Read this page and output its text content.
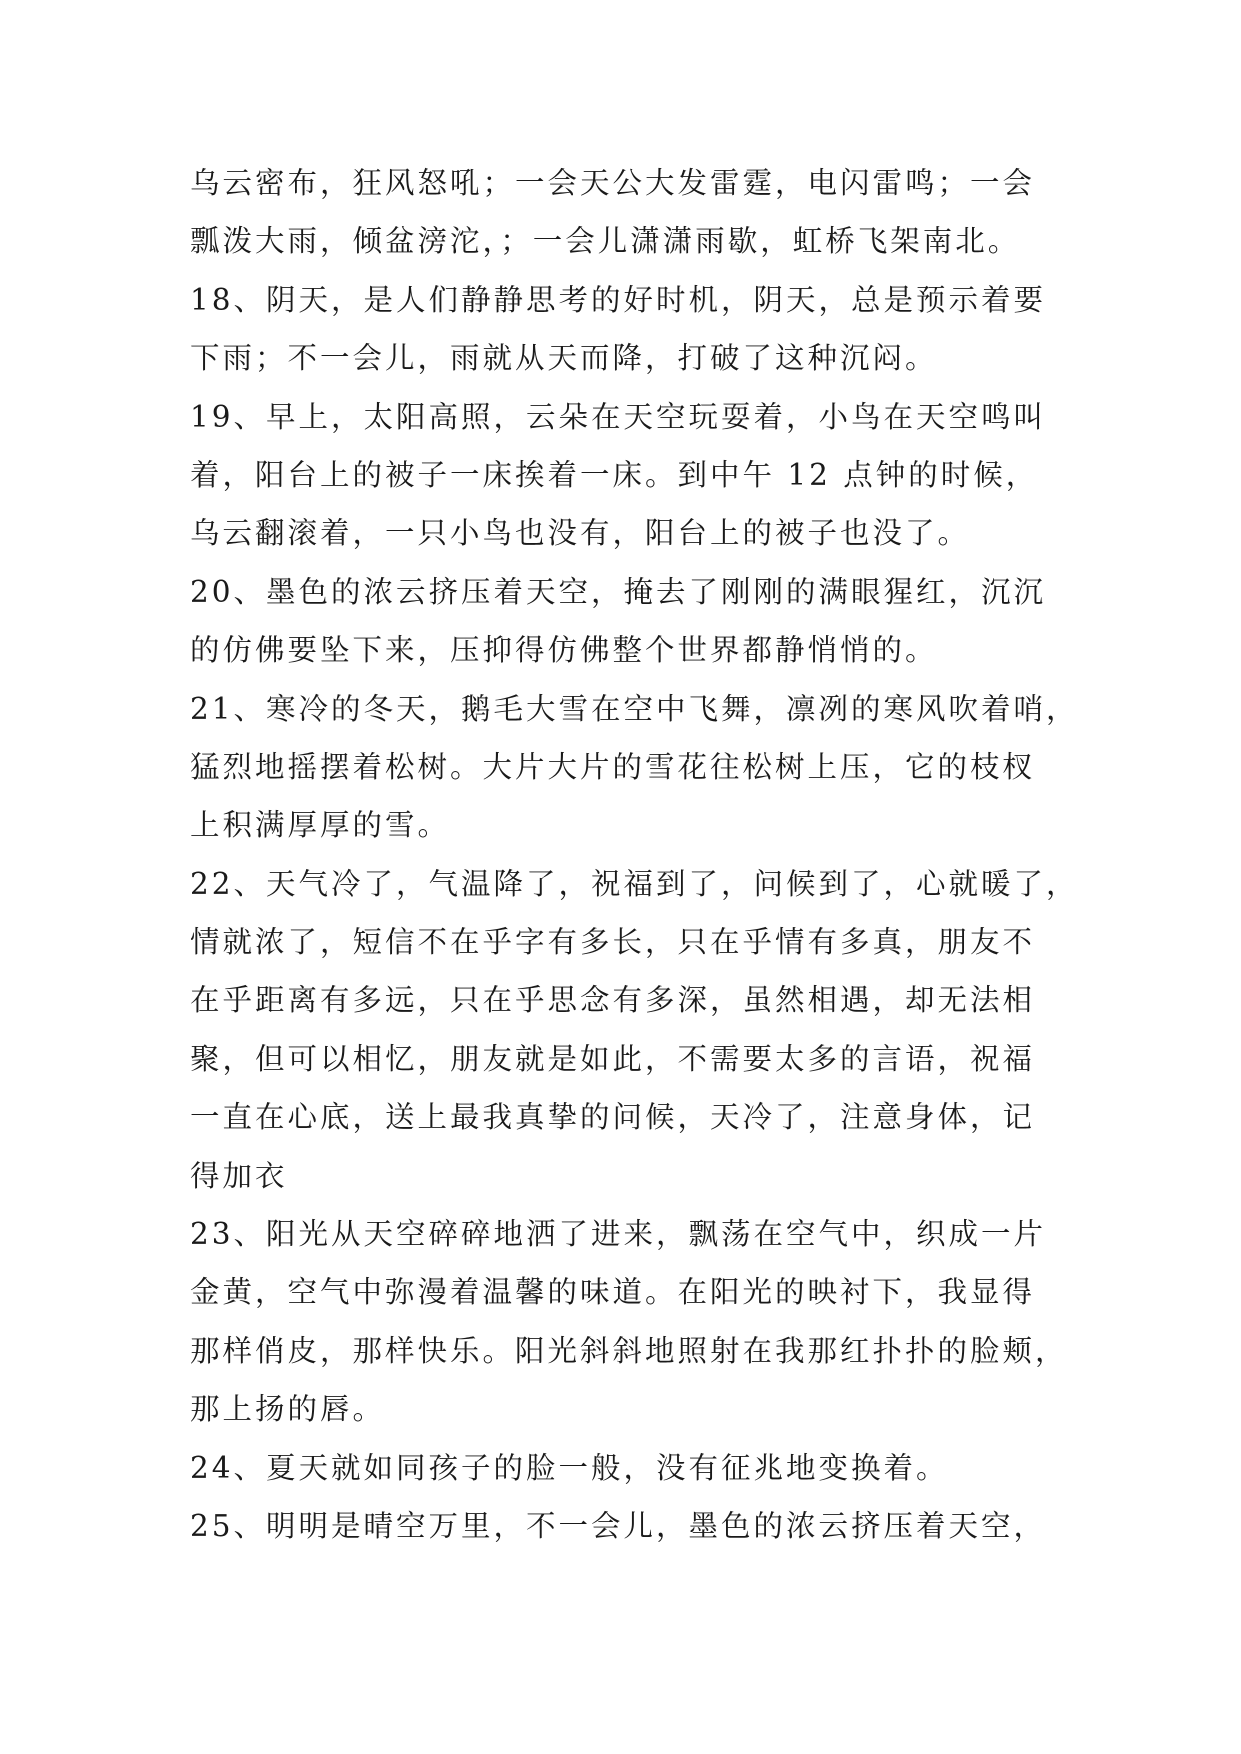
乌云密布，狂风怒吼；一会天公大发雷霆，电闪雷鸣；一会
瓢泼大雨，倾盆滂沱，；一会儿潇潇雨歇，虹桥飞架南北。
18、阴天，是人们静静思考的好时机，阴天，总是预示着要
下雨；不一会儿，雨就从天而降，打破了这种沉闷。
19、早上，太阳高照，云朵在天空玩耍着，小鸟在天空鸣叫
着，阳台上的被子一床挨着一床。到中午 12 点钟的时候，
乌云翻滚着，一只小鸟也没有，阳台上的被子也没了。
20、墨色的浓云挤压着天空，掩去了刚刚的满眼猩红，沉沉
的仿佛要坠下来，压抑得仿佛整个世界都静悄悄的。
21、寒冷的冬天，鹅毛大雪在空中飞舞，凛冽的寒风吹着哨，
猛烈地摇摆着松树。大片大片的雪花往松树上压，它的枝杈
上积满厚厚的雪。
22、天气冷了，气温降了，祝福到了，问候到了，心就暖了，
情就浓了，短信不在乎字有多长，只在乎情有多真，朋友不
在乎距离有多远，只在乎思念有多深，虽然相遇，却无法相
聚，但可以相忆，朋友就是如此，不需要太多的言语，祝福
一直在心底，送上最我真挚的问候，天冷了，注意身体，记
得加衣
23、阳光从天空碎碎地洒了进来，飘荡在空气中，织成一片
金黄，空气中弥漫着温馨的味道。在阳光的映衬下，我显得
那样俏皮，那样快乐。阳光斜斜地照射在我那红扑扑的脸颊，
那上扬的唇。
24、夏天就如同孩子的脸一般，没有征兆地变换着。
25、明明是晴空万里，不一会儿，墨色的浓云挤压着天空，
